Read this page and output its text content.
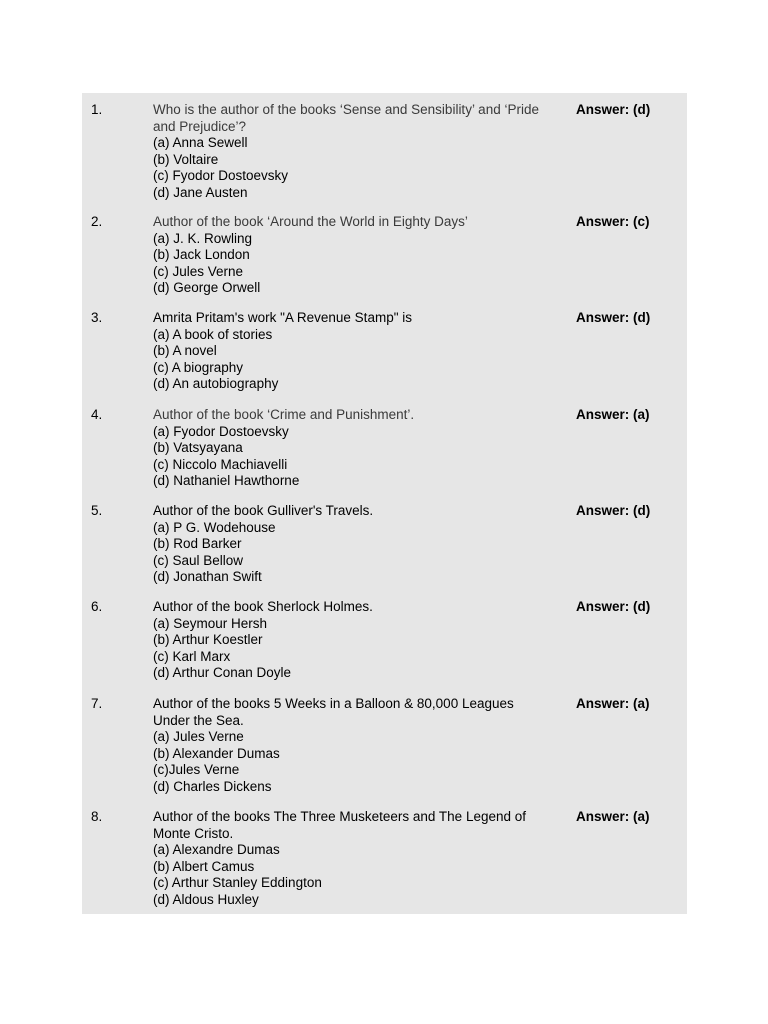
1.	Who is the author of the books ‘Sense and Sensibility’ and ‘Pride and Prejudice’?
(a) Anna Sewell
(b) Voltaire
(c) Fyodor Dostoevsky
(d) Jane Austen
Answer: (d)
2.	Author of the book ‘Around the World in Eighty Days’
(a) J. K. Rowling
(b) Jack London
(c) Jules Verne
(d) George Orwell
Answer: (c)
3.	Amrita Pritam's work "A Revenue Stamp" is
(a) A book of stories
(b) A novel
(c) A biography
(d) An autobiography
Answer: (d)
4.	Author of the book ‘Crime and Punishment’.
(a) Fyodor Dostoevsky
(b) Vatsyayana
(c) Niccolo Machiavelli
(d) Nathaniel Hawthorne
Answer: (a)
5.	Author of the book Gulliver's Travels.
(a) P G. Wodehouse
(b) Rod Barker
(c) Saul Bellow
(d) Jonathan Swift
Answer: (d)
6.	Author of the book Sherlock Holmes.
(a) Seymour Hersh
(b) Arthur Koestler
(c) Karl Marx
(d) Arthur Conan Doyle
Answer: (d)
7.	Author of the books 5 Weeks in a Balloon & 80,000 Leagues Under the Sea.
(a) Jules Verne
(b) Alexander Dumas
(c)Jules Verne
(d) Charles Dickens
Answer: (a)
8.	Author of the books The Three Musketeers and The Legend of Monte Cristo.
(a) Alexandre Dumas
(b) Albert Camus
(c) Arthur Stanley Eddington
(d) Aldous Huxley
Answer: (a)
